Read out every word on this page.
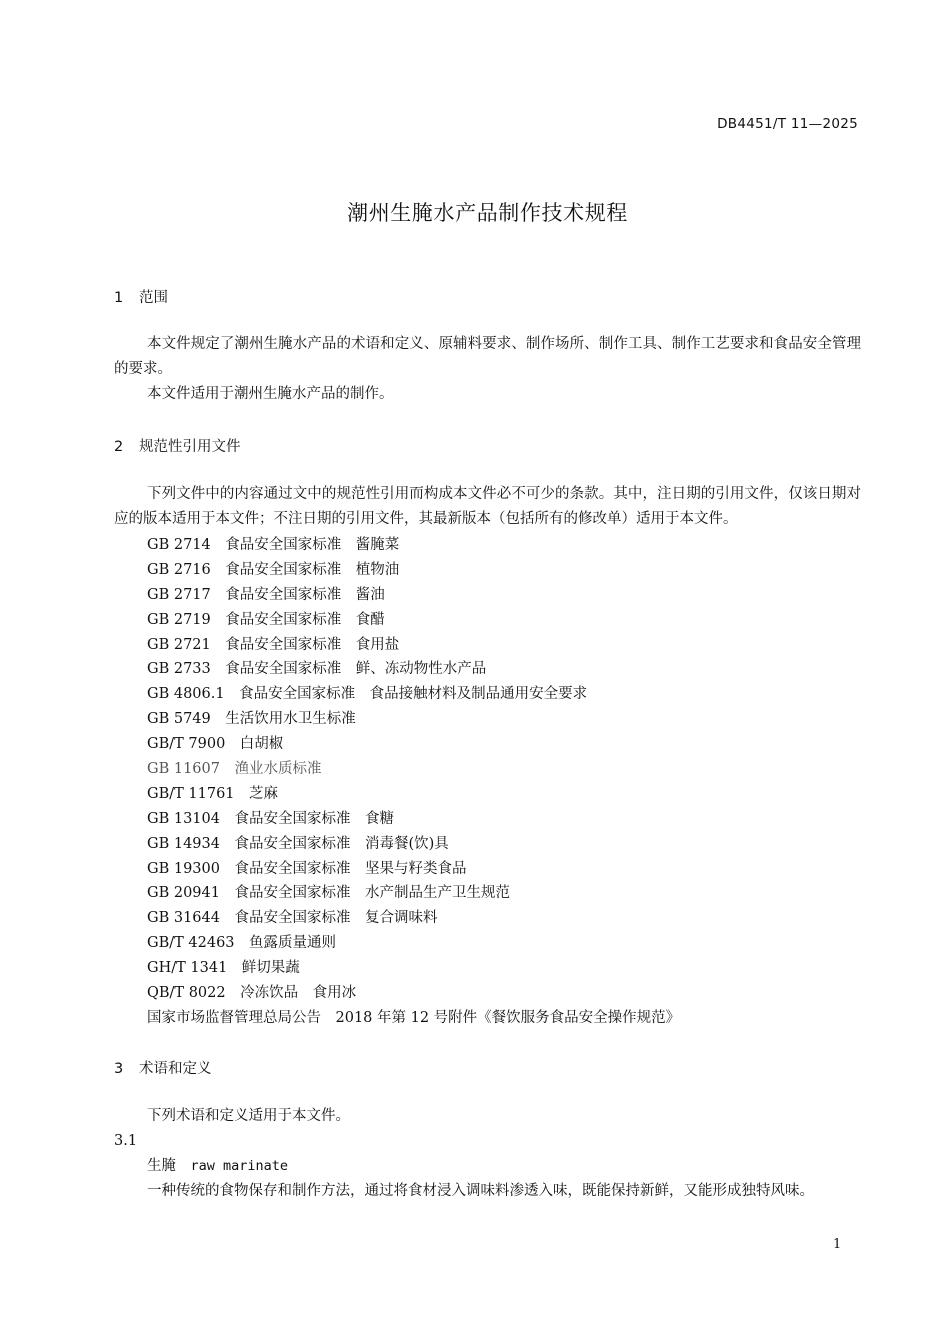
DB4451/T 11—2025
潮州生腌水产品制作技术规程
1 范围
本文件规定了潮州生腌水产品的术语和定义、原辅料要求、制作场所、制作工具、制作工艺要求和食品安全管理的要求。
本文件适用于潮州生腌水产品的制作。
2 规范性引用文件
下列文件中的内容通过文中的规范性引用而构成本文件必不可少的条款。其中，注日期的引用文件，仅该日期对应的版本适用于本文件；不注日期的引用文件，其最新版本（包括所有的修改单）适用于本文件。
GB 2714　食品安全国家标准　酱腌菜
GB 2716　食品安全国家标准　植物油
GB 2717　食品安全国家标准　酱油
GB 2719　食品安全国家标准　食醋
GB 2721　食品安全国家标准　食用盐
GB 2733　食品安全国家标准　鲜、冻动物性水产品
GB 4806.1　食品安全国家标准　食品接触材料及制品通用安全要求
GB 5749　生活饮用水卫生标准
GB/T 7900　白胡椒
GB 11607　渔业水质标准
GB/T 11761　芝麻
GB 13104　食品安全国家标准　食糖
GB 14934　食品安全国家标准　消毒餐(饮)具
GB 19300　食品安全国家标准　坚果与籽类食品
GB 20941　食品安全国家标准　水产制品生产卫生规范
GB 31644　食品安全国家标准　复合调味料
GB/T 42463　鱼露质量通则
GH/T 1341　鲜切果蔬
QB/T 8022　冷冻饮品　食用冰
国家市场监督管理总局公告　2018 年第 12 号附件《餐饮服务食品安全操作规范》
3 术语和定义
下列术语和定义适用于本文件。
3.1
生腌　 raw marinate
一种传统的食物保存和制作方法，通过将食材浸入调味料渗透入味，既能保持新鲜，又能形成独特风味。
1
